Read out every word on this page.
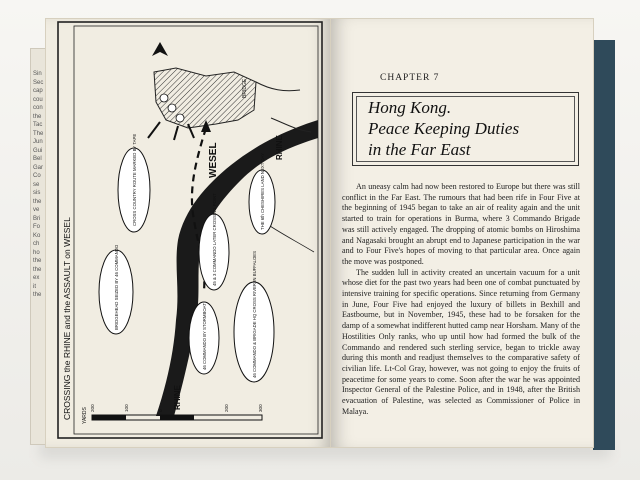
Sin
Sec
cap
cou
con
the
Tac
The
Jun
Gui
Bel
Gar
Co
se
sis
the
ve
Bri
Fo
Ko
ch
ho
the
the
ex
it
the	CROSSING the RHINE and the ASSAULT on WESEL
RHINE
RHINE
WESEL
BRIDGE
YARDS 200	100	0	200	300
CROSS COUNTRY ROUTE MARKED BY TAPE
45 & 3 COMMANDO LATER CROSSING POINT
THE 6th CHESHIRES LAND NEXT DAY
BRIDGEHEAD SEIZED BY 46 COMMANDO
46 COMMANDO BY STORMBOAT	46 COMMANDO & BRIGADE HQ CROSS RIVER IN BUFFALOES
CHAPTER 7
Hong Kong.
Peace Keeping Duties
in the Far East

An uneasy calm had now been restored to Europe but there was still conflict in the Far East. The rumours that had been rife in Four Five at the beginning of 1945 began to take an air of reality again and the unit started to train for operations in Burma, where 3 Commando Brigade was still actively engaged. The dropping of atomic bombs on Hiroshima and Nagasaki brought an abrupt end to Japanese participation in the war and to Four Five's hopes of moving to that particular area. Once again the move was postponed.

The sudden lull in activity created an uncertain vacuum for a unit whose diet for the past two years had been one of combat punctuated by intensive training for specific operations. Since returning from Germany in June, Four Five had enjoyed the luxury of billets in Bexhill and Eastbourne, but in November, 1945, these had to be forsaken for the damp of a somewhat indifferent hutted camp near Horsham. Many of the Hostilities Only ranks, who up until how had formed the bulk of the Commando and rendered such sterling service, began to trickle away during this month and readjust themselves to the comparative safety of civilian life. Lt-Col Gray, however, was not going to enjoy the fruits of peacetime for some years to come. Soon after the war he was appointed Inspector General of the Palestine Police, and in 1948, after the British evacuation of Palestine, was selected as Commissioner of Police in Malaya.
